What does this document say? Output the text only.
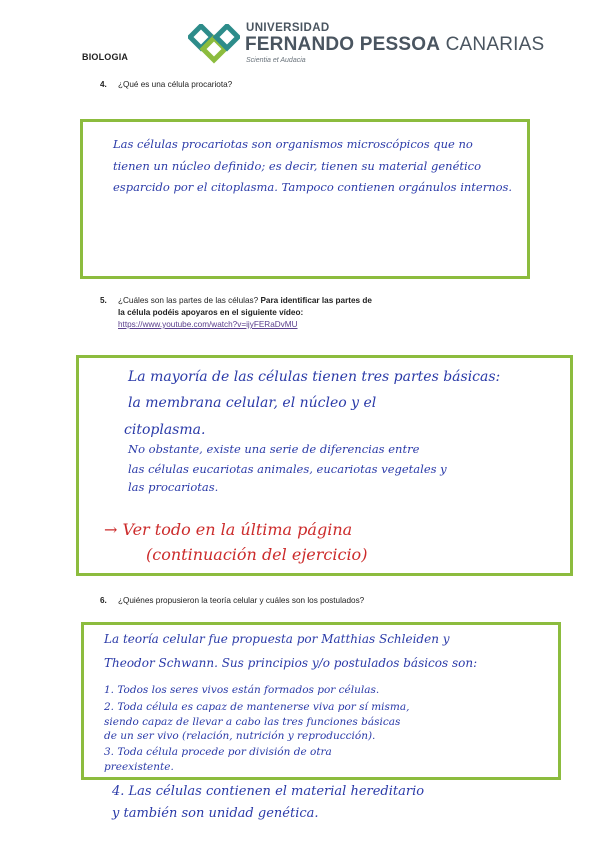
BIOLOGIA
UNIVERSIDAD
FERNANDO PESSOA CANARIAS
Scientia et Audacia
4. ¿Qué es una célula procariota?
Las células procariotas son organismos microscópicos que no
tienen un núcleo definido; es decir, tienen su material genético
esparcido por el citoplasma. Tampoco contienen orgánulos internos.
5. ¿Cuáles son las partes de las células? Para identificar las partes de
la célula podéis apoyaros en el siguiente vídeo:
https://www.youtube.com/watch?v=ijyFERaDvMU
La mayoría de las células tienen tres partes básicas:
la membrana celular, el núcleo y el
citoplasma.
No obstante, existe una serie de diferencias entre
las células eucariotas animales, eucariotas vegetales y
las procariotas.
→ Ver todo en la última página
(continuación del ejercicio)
6. ¿Quiénes propusieron la teoría celular y cuáles son los postulados?
La teoría celular fue propuesta por Matthias Schleiden y
Theodor Schwann. Sus principios y/o postulados básicos son:
1. Todos los seres vivos están formados por células.
2. Toda célula es capaz de mantenerse viva por sí misma,
siendo capaz de llevar a cabo las tres funciones básicas
de un ser vivo (relación, nutrición y reproducción).
3. Toda célula procede por división de otra
preexistente.
4. Las células contienen el material hereditario
y también son unidad genética.
